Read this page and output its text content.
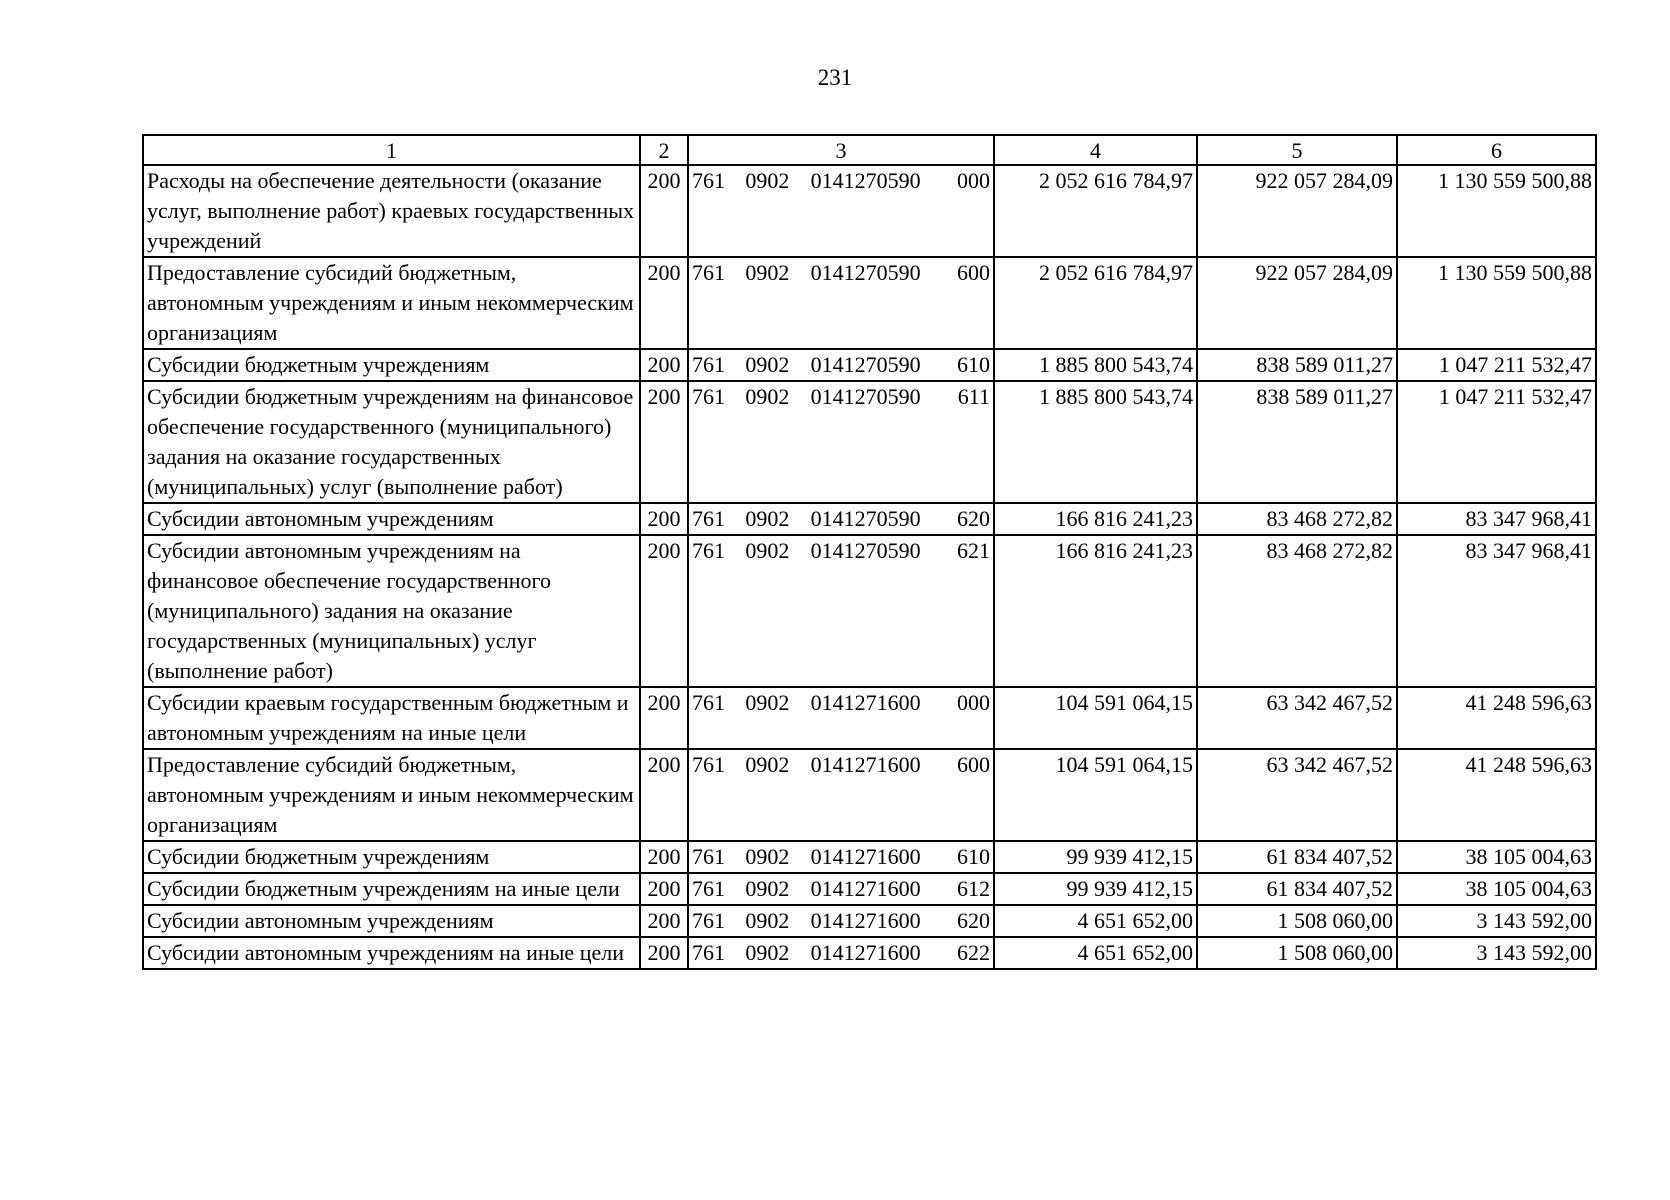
231
1	2	3	4	5	6
Расходы на обеспечение деятельности (оказание услуг, выполнение работ) краевых государственных учреждений	200	761 0902 0141270590 000	2 052 616 784,97	922 057 284,09	1 130 559 500,88
Предоставление субсидий бюджетным, автономным учреждениям и иным некоммерческим организациям	200	761 0902 0141270590 600	2 052 616 784,97	922 057 284,09	1 130 559 500,88
Субсидии бюджетным учреждениям	200	761 0902 0141270590 610	1 885 800 543,74	838 589 011,27	1 047 211 532,47
Субсидии бюджетным учреждениям на финансовое обеспечение государственного (муниципального) задания на оказание государственных (муниципальных) услуг (выполнение работ)	200	761 0902 0141270590 611	1 885 800 543,74	838 589 011,27	1 047 211 532,47
Субсидии автономным учреждениям	200	761 0902 0141270590 620	166 816 241,23	83 468 272,82	83 347 968,41
Субсидии автономным учреждениям на финансовое обеспечение государственного (муниципального) задания на оказание государственных (муниципальных) услуг (выполнение работ)	200	761 0902 0141270590 621	166 816 241,23	83 468 272,82	83 347 968,41
Субсидии краевым государственным бюджетным и автономным учреждениям на иные цели	200	761 0902 0141271600 000	104 591 064,15	63 342 467,52	41 248 596,63
Предоставление субсидий бюджетным, автономным учреждениям и иным некоммерческим организациям	200	761 0902 0141271600 600	104 591 064,15	63 342 467,52	41 248 596,63
Субсидии бюджетным учреждениям	200	761 0902 0141271600 610	99 939 412,15	61 834 407,52	38 105 004,63
Субсидии бюджетным учреждениям на иные цели	200	761 0902 0141271600 612	99 939 412,15	61 834 407,52	38 105 004,63
Субсидии автономным учреждениям	200	761 0902 0141271600 620	4 651 652,00	1 508 060,00	3 143 592,00
Субсидии автономным учреждениям на иные цели	200	761 0902 0141271600 622	4 651 652,00	1 508 060,00	3 143 592,00
